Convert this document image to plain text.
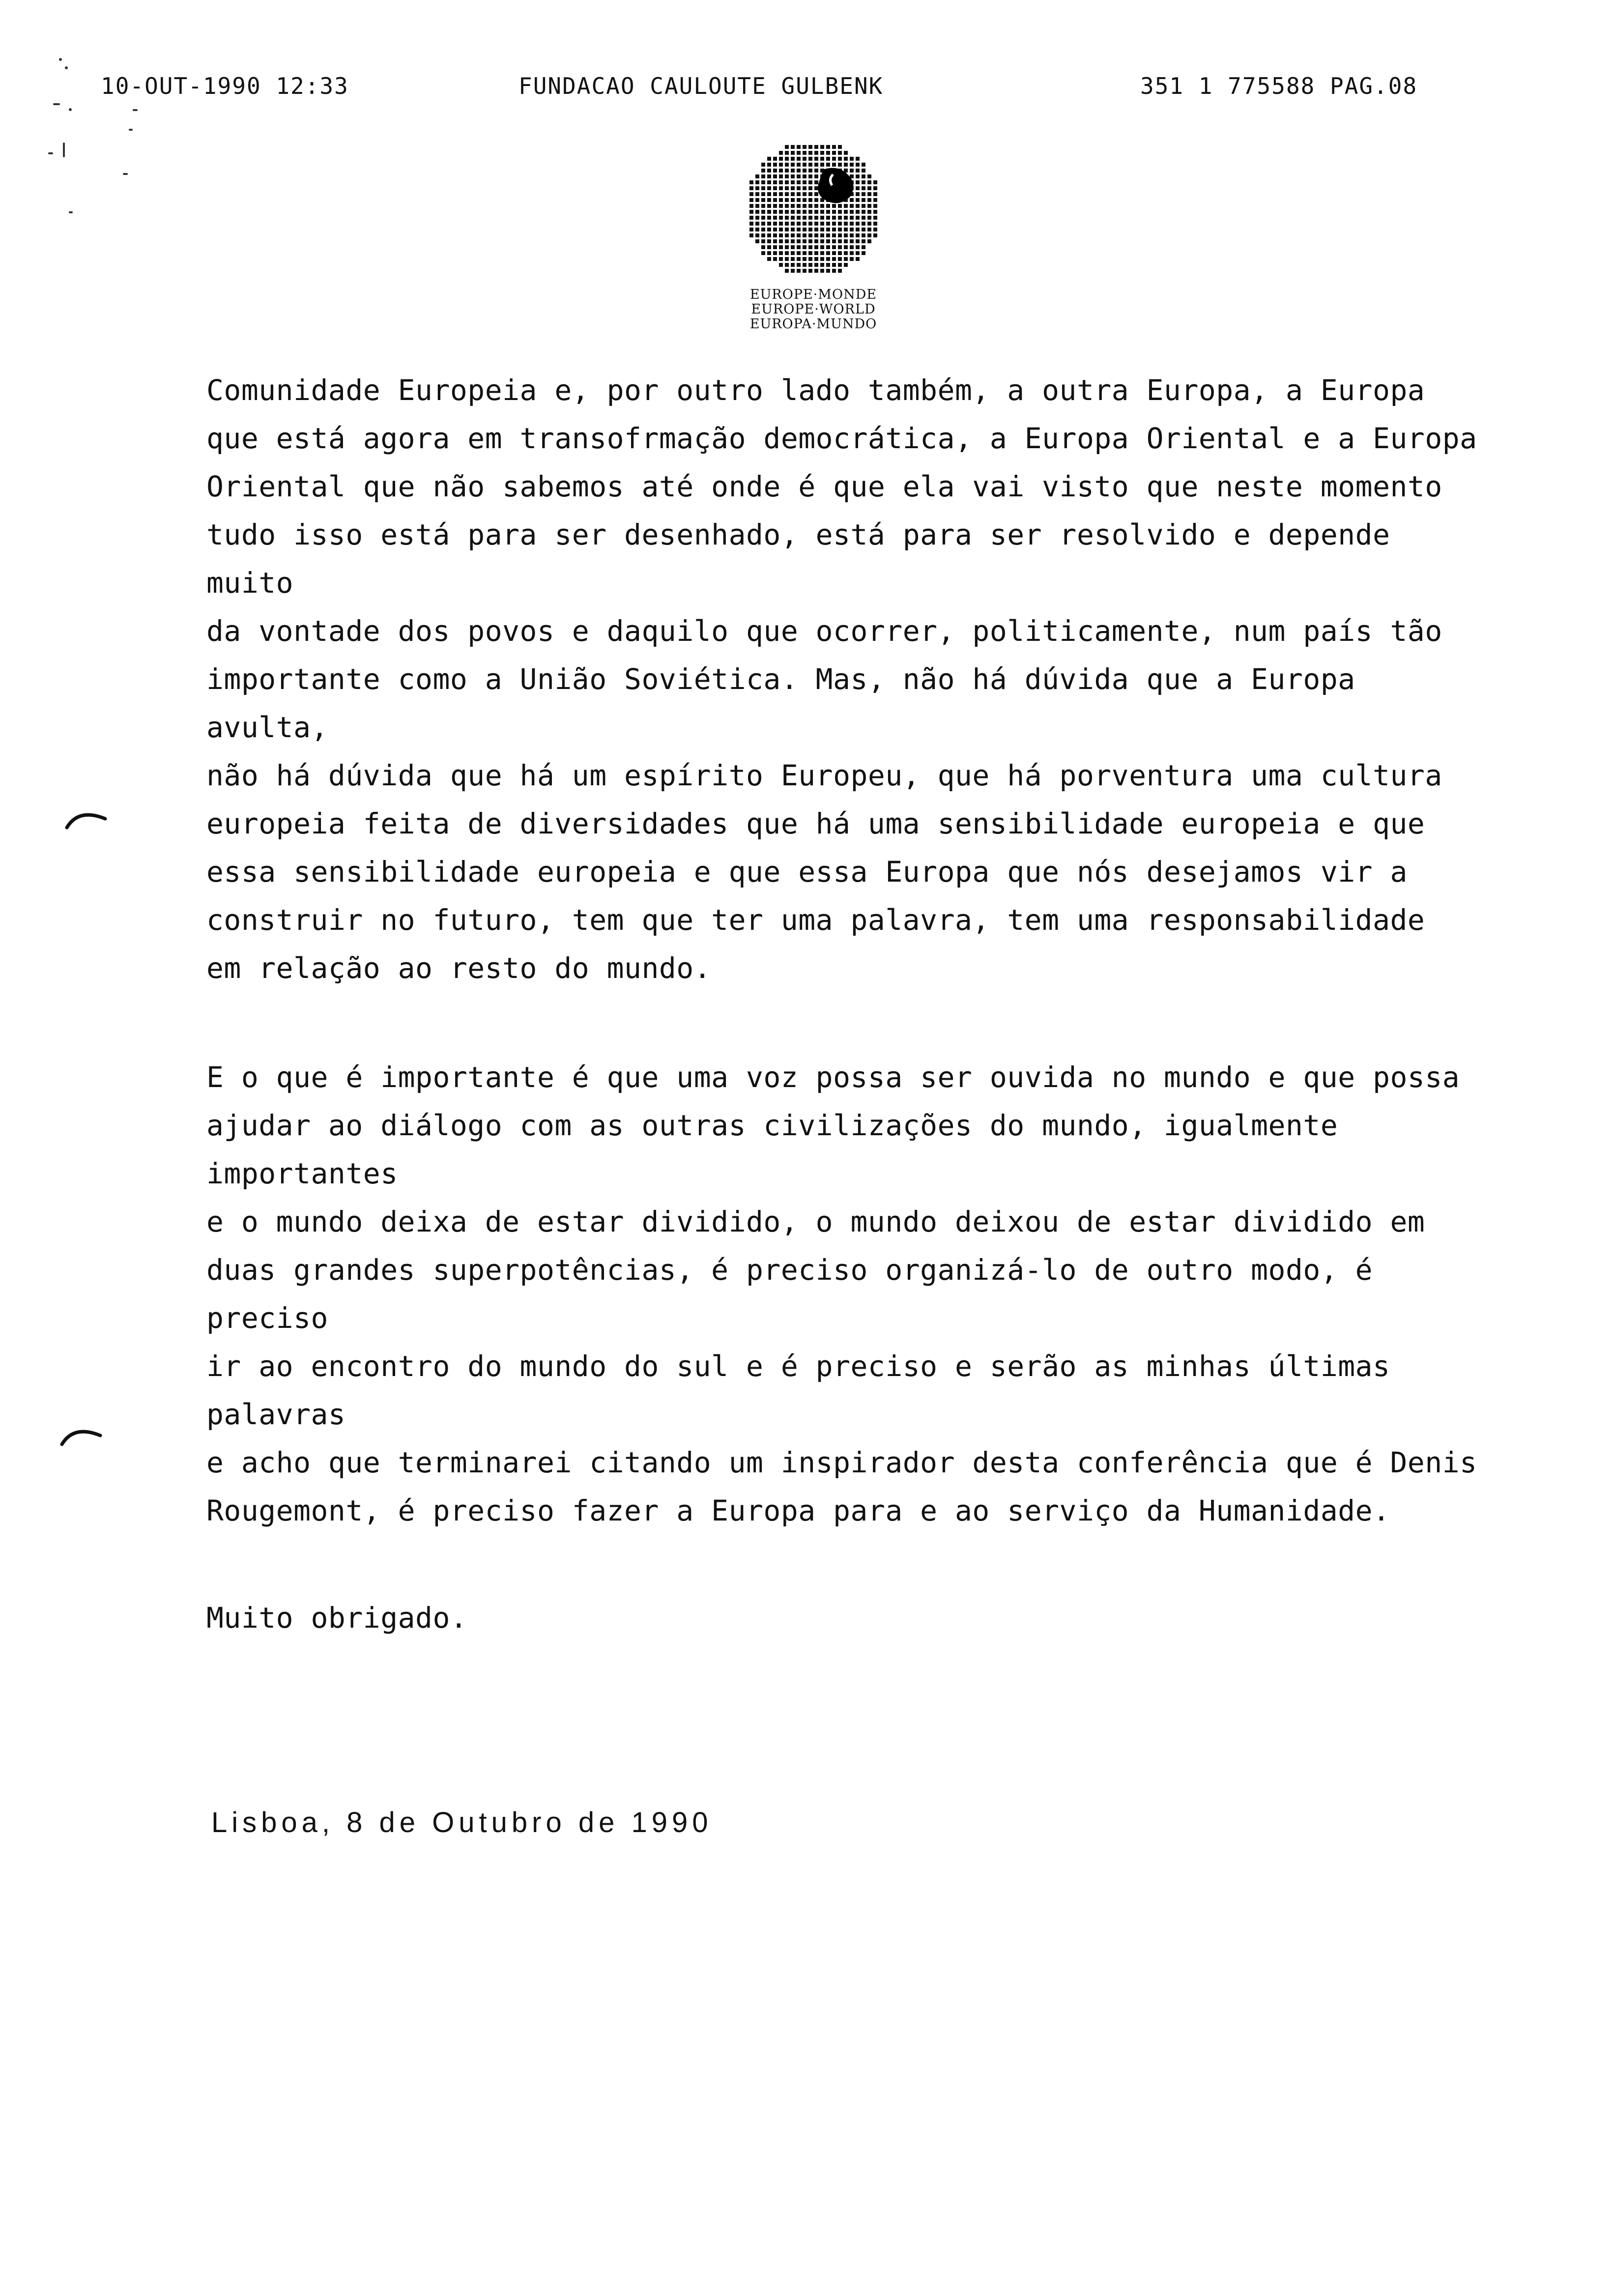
10-OUT-1990 12:33	FUNDACAO CAULOUTE GULBENK	351 1 775588 PAG.08
EUROPE·MONDE
EUROPE·WORLD
EUROPA·MUNDO

Comunidade Europeia e, por outro lado também, a outra Europa, a Europa

que está agora em transofrmação democrática, a Europa Oriental e a Europa

Oriental que não sabemos até onde é que ela vai visto que neste momento

tudo isso está para ser desenhado, está para ser resolvido e depende muito

da vontade dos povos e daquilo que ocorrer, politicamente, num país tão

importante como a União Soviética. Mas, não há dúvida que a Europa avulta,

não há dúvida que há um espírito Europeu, que há porventura uma cultura

europeia feita de diversidades que há uma sensibilidade europeia e que

essa sensibilidade europeia e que essa Europa que nós desejamos vir a

construir no futuro, tem que ter uma palavra, tem uma responsabilidade

em relação ao resto do mundo.

E o que é importante é que uma voz possa ser ouvida no mundo e que possa

ajudar ao diálogo com as outras civilizações do mundo, igualmente importantes

e o mundo deixa de estar dividido, o mundo deixou de estar dividido em

duas grandes superpotências, é preciso organizá-lo de outro modo, é preciso

ir ao encontro do mundo do sul e é preciso e serão as minhas últimas palavras

e acho que terminarei citando um inspirador desta conferência que é Denis

Rougemont, é preciso fazer a Europa para e ao serviço da Humanidade.

Muito obrigado.

Lisboa, 8 de Outubro de 1990
